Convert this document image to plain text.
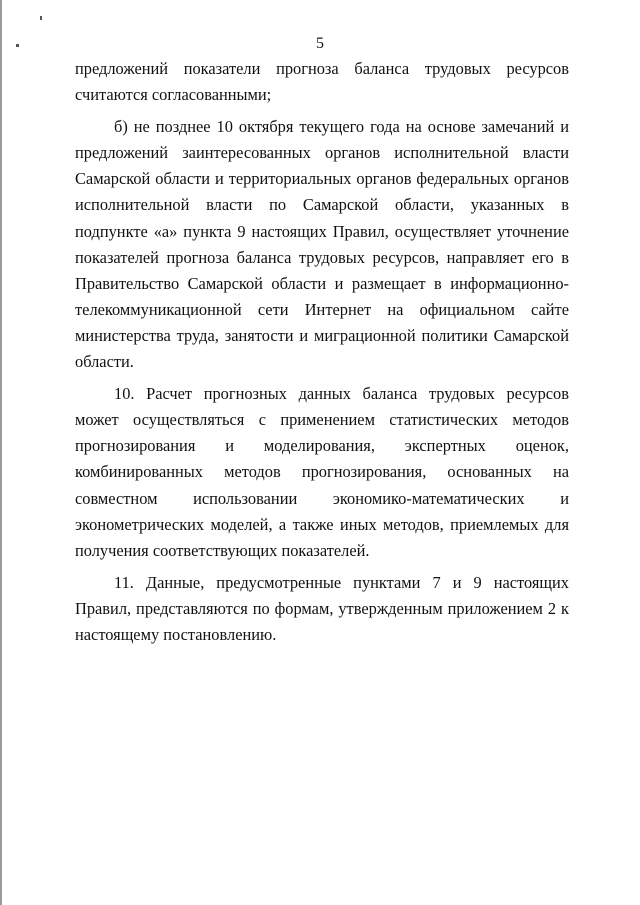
5

предложений показатели прогноза баланса трудовых ресурсов считаются согласованными;

б) не позднее 10 октября текущего года на основе замечаний и предложений заинтересованных органов исполнительной власти Самарской области и территориальных органов федеральных органов исполнительной власти по Самарской области, указанных в подпункте «а» пункта 9 настоящих Правил, осуществляет уточнение показателей прогноза баланса трудовых ресурсов, направляет его в Правительство Самарской области и размещает в информационно-телекоммуникационной сети Интернет на официальном сайте министерства труда, занятости и миграционной политики Самарской области.

10. Расчет прогнозных данных баланса трудовых ресурсов может осуществляться с применением статистических методов прогнозирования и моделирования, экспертных оценок, комбинированных методов прогнозирования, основанных на совместном использовании экономико-математических и эконометрических моделей, а также иных методов, приемлемых для получения соответствующих показателей.

11. Данные, предусмотренные пунктами 7 и 9 настоящих Правил, представляются по формам, утвержденным приложением 2 к настоящему постановлению.
